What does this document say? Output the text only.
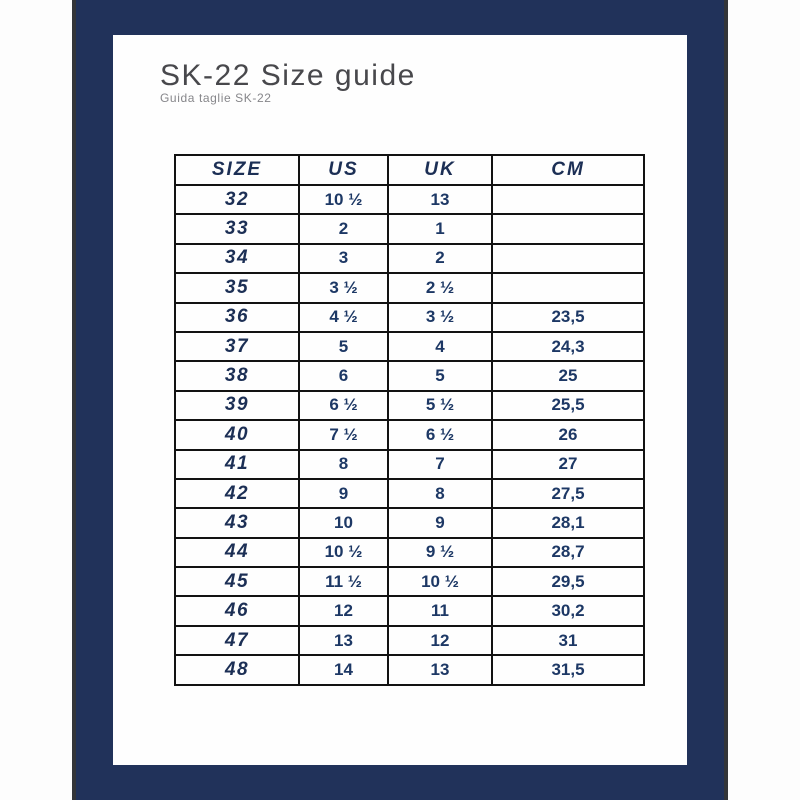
SK-22 Size guide
Guida taglie SK-22
SIZE	US	UK	CM
32	10 ½	13	
33	2	1	
34	3	2	
35	3 ½	2 ½	
36	4 ½	3 ½	23,5
37	5	4	24,3
38	6	5	25
39	6 ½	5 ½	25,5
40	7 ½	6 ½	26
41	8	7	27
42	9	8	27,5
43	10	9	28,1
44	10 ½	9 ½	28,7
45	11 ½	10 ½	29,5
46	12	11	30,2
47	13	12	31
48	14	13	31,5
